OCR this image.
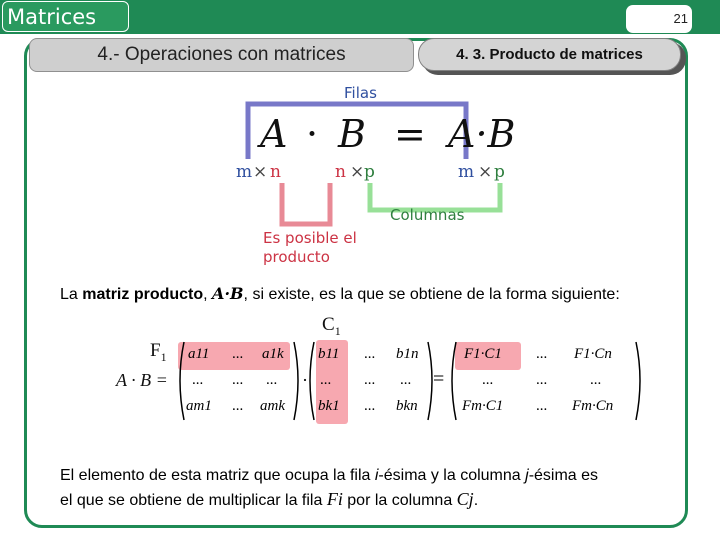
Matrices	21
4.- Operaciones con matrices	4. 3. Producto de matrices
Filas
A · B = A·B
m × n	n × p	m × p
Columnas
Es posible el
producto
La matriz producto, A·B, si existe, es la que se obtiene de la forma siguiente:
$F_1$
$C_1$
A · B =
a11 ... a1k
... ... ...
am1 ... amk
·
b11 ... b1n
... ... ...
bk1 ... bkn
=
F1·C1 ... F1·Cn
...	...	...
Fm·C1 ... Fm·Cn
El elemento de esta matriz que ocupa la fila i-ésima y la columna j-ésima es
el que se obtiene de multiplicar la fila Fi por la columna Cj.
